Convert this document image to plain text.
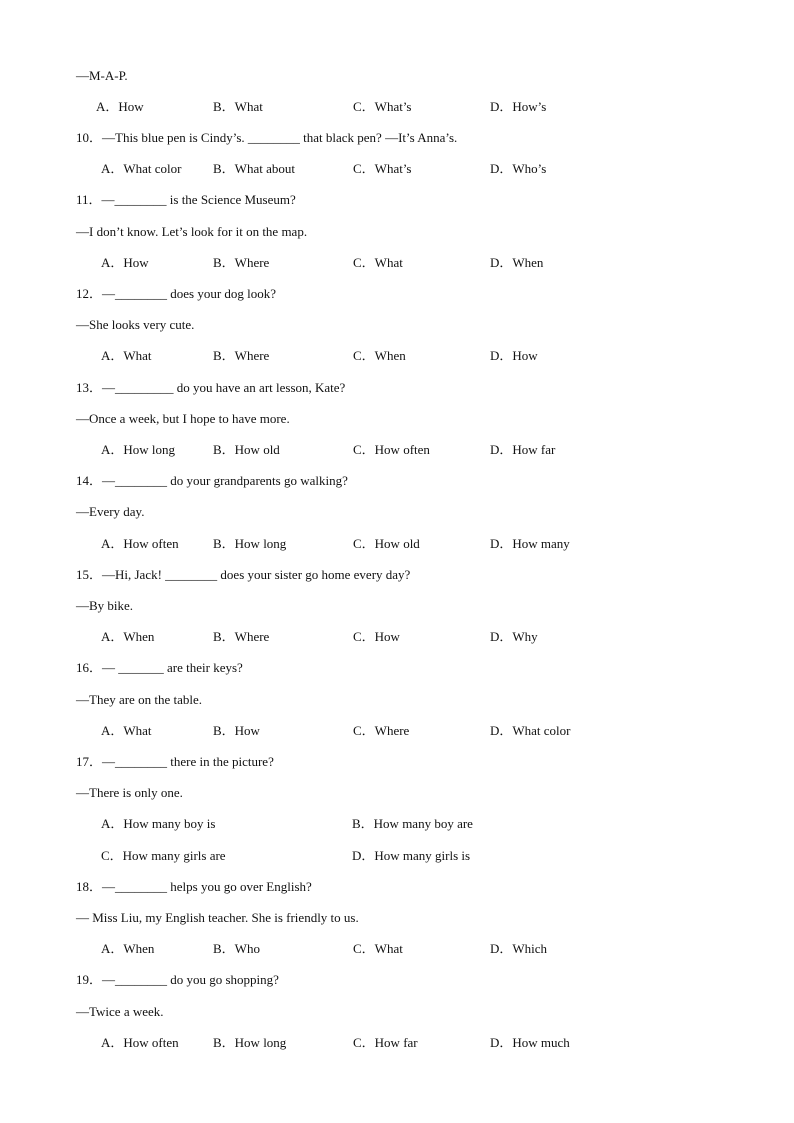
—M-A-P.
A．How	B．What	C．What’s	D．How’s
10．—This blue pen is Cindy’s. ________ that black pen? —It’s Anna’s.
A．What color B．What about	C．What’s	D．Who’s
11．—________ is the Science Museum?
—I don’t know. Let’s look for it on the map.
A．How	B．Where	C．What	D．When
12．—________ does your dog look?
—She looks very cute.
A．What	B．Where	C．When	D．How
13．—_________ do you have an art lesson, Kate?
—Once a week, but I hope to have more.
A．How long	B．How old	C．How often	D．How far
14．—________ do your grandparents go walking?
—Every day.
A．How often	B．How long	C．How old	D．How many
15．—Hi, Jack! ________ does your sister go home every day?
—By bike.
A．When	B．Where	C．How	D．Why
16．— _______ are their keys?
—They are on the table.
A．What	B．How	C．Where	D．What color
17．—________ there in the picture?
—There is only one.
A．How many boy is	B．How many boy are
C．How many girls are	D．How many girls is
18．—________ helps you go over English?
— Miss Liu, my English teacher. She is friendly to us.
A．When	B．Who	C．What	D．Which
19．—________ do you go shopping?
—Twice a week.
A．How often	B．How long	C．How far	D．How much
